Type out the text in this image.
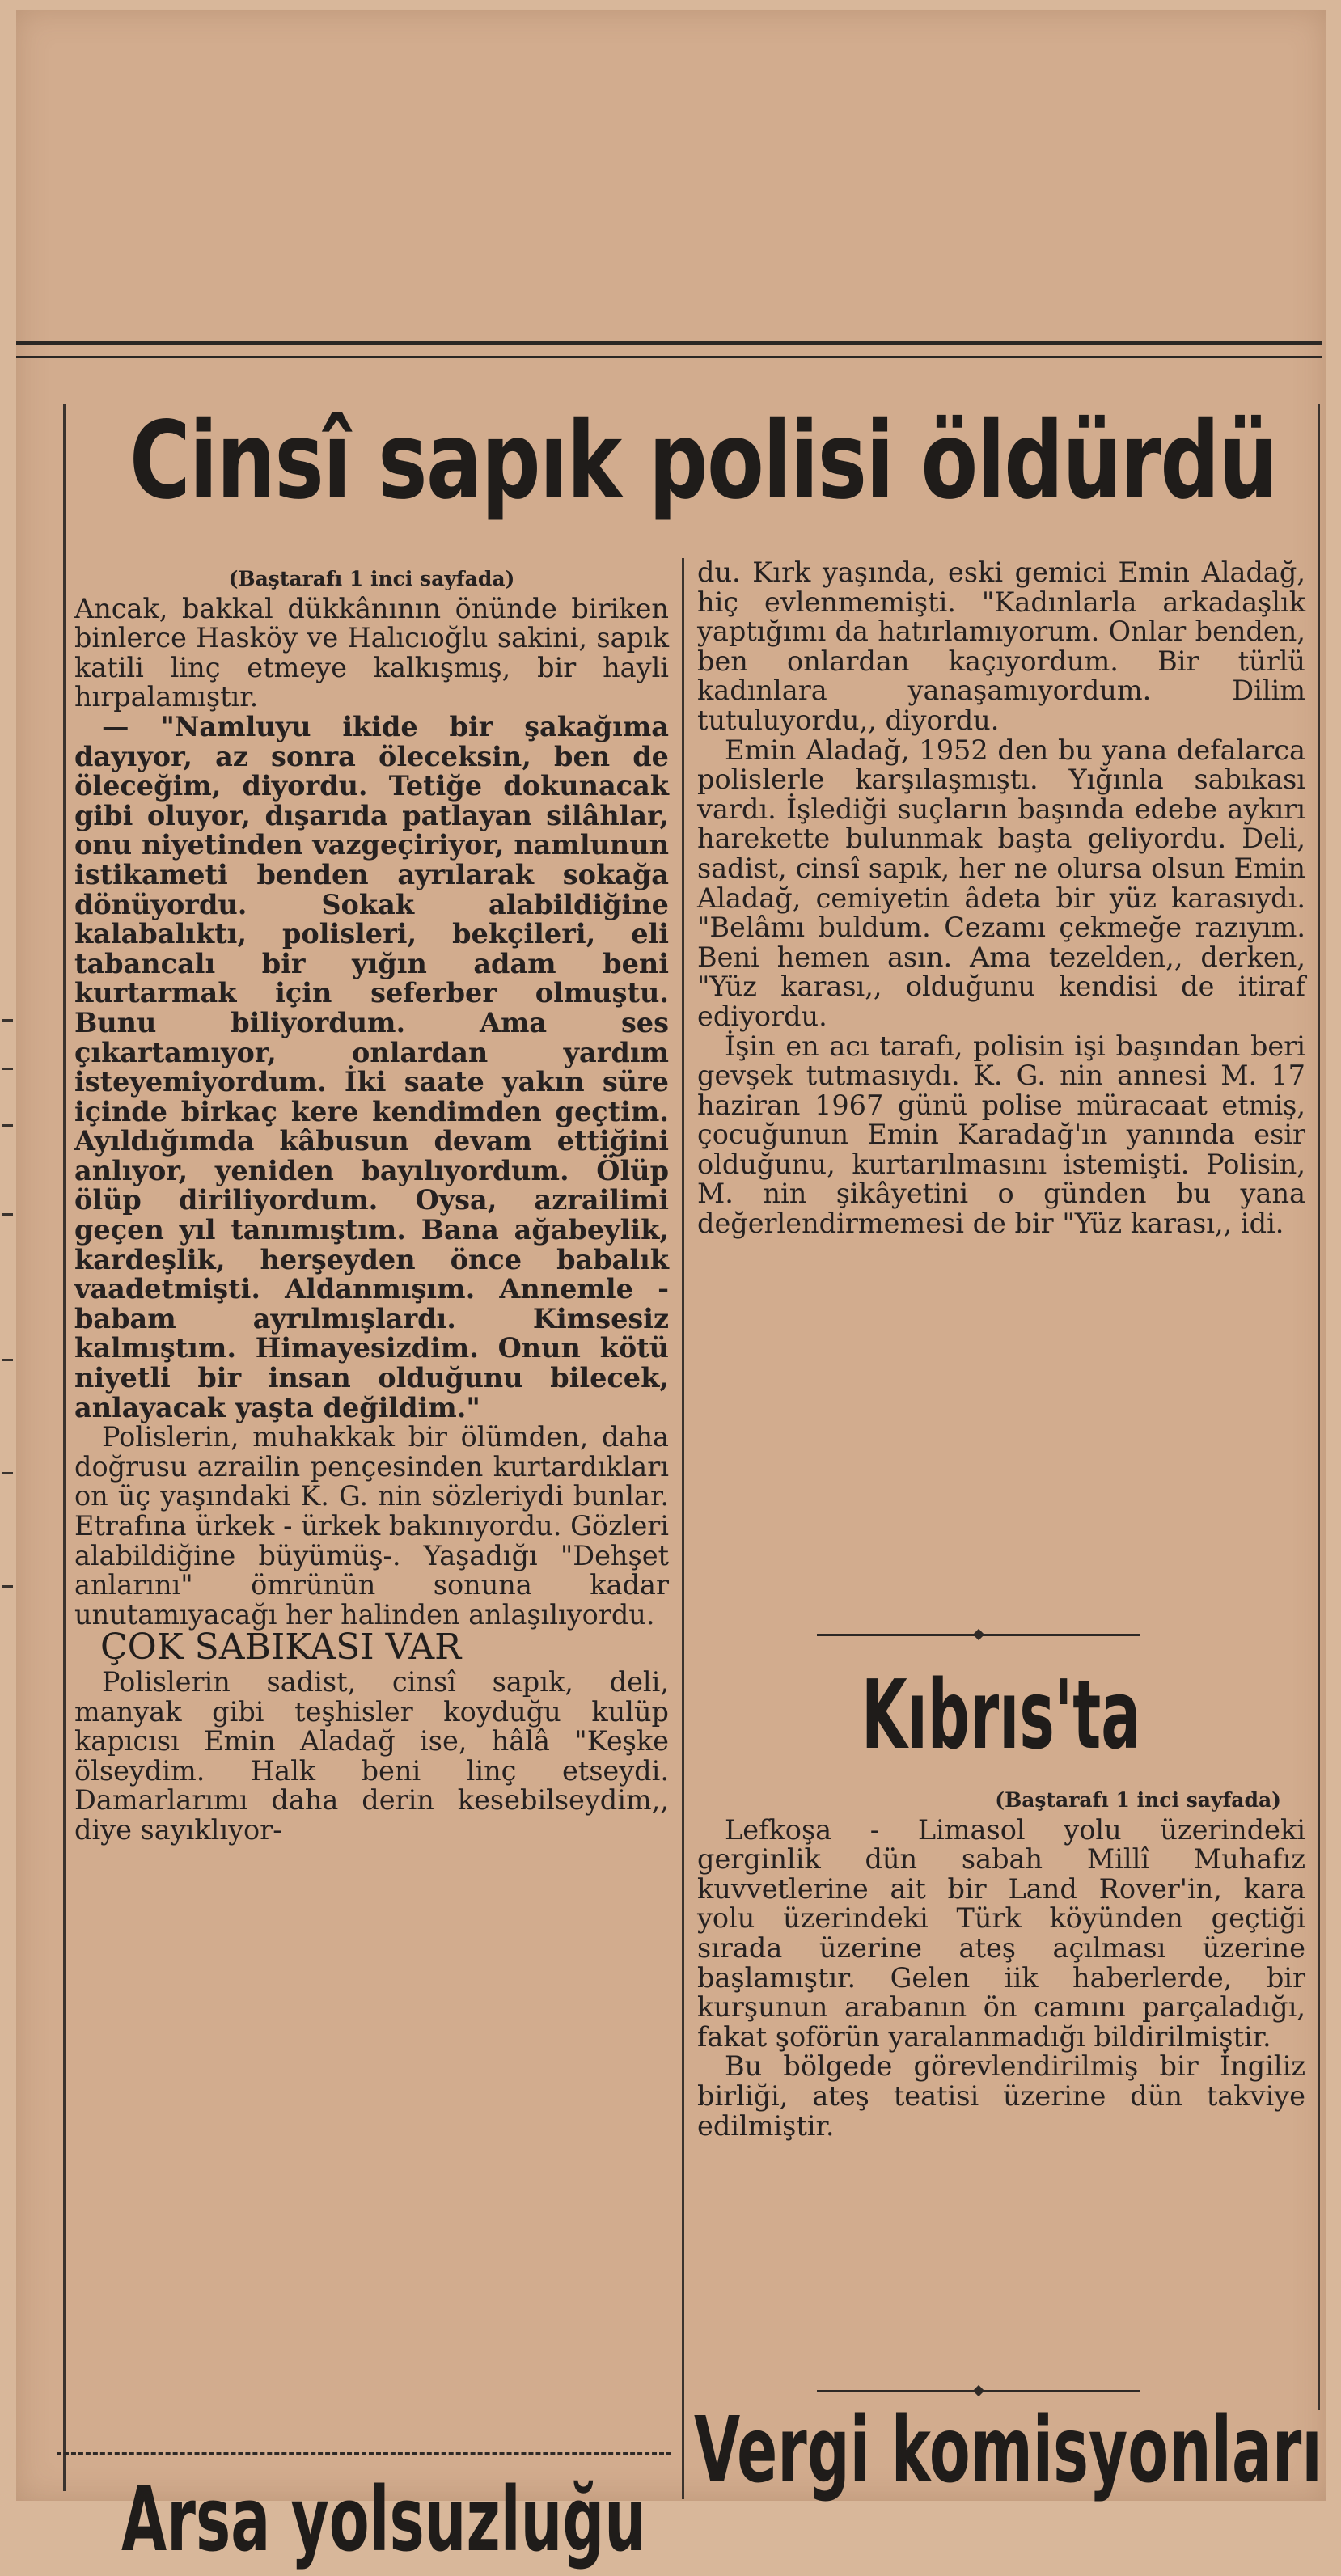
Cinsî sapık polisi öldürdü

(Baştarafı 1 inci sayfada)

Ancak, bakkal dükkânının önünde biriken binlerce Hasköy ve Halıcıoğlu sakini, sapık katili linç etmeye kalkışmış, bir hayli hırpalamıştır.

— "Namluyu ikide bir şakağıma dayıyor, az sonra öleceksin, ben de öleceğim, diyordu. Tetiğe dokunacak gibi oluyor, dışarıda patlayan silâhlar, onu niyetinden vazgeçiriyor, namlunun istikameti benden ayrılarak sokağa dönüyordu. Sokak alabildiğine kalabalıktı, polisleri, bekçileri, eli tabancalı bir yığın adam beni kurtarmak için seferber olmuştu. Bunu biliyordum. Ama ses çıkartamıyor, onlardan yardım isteyemiyordum. İki saate yakın süre içinde birkaç kere kendimden geçtim. Ayıldığımda kâbusun devam ettiğini anlıyor, yeniden bayılıyordum. Ölüp ölüp diriliyordum. Oysa, azrailimi geçen yıl tanımıştım. Bana ağabeylik, kardeşlik, herşeyden önce babalık vaadetmişti. Aldanmışım. Annemle - babam ayrılmışlardı. Kimsesiz kalmıştım. Himayesizdim. Onun kötü niyetli bir insan olduğunu bilecek, anlayacak yaşta değildim."

Polislerin, muhakkak bir ölümden, daha doğrusu azrailin pençesinden kurtardıkları on üç yaşındaki K. G. nin sözleriydi bunlar. Etrafına ürkek - ürkek bakınıyordu. Gözleri alabildiğine büyümüş-. Yaşadığı "Dehşet anlarını" ömrünün sonuna kadar unutamıyacağı her halinden anlaşılıyordu.

ÇOK SABIKASI VAR

Polislerin sadist, cinsî sapık, deli, manyak gibi teşhisler koyduğu kulüp kapıcısı Emin Aladağ ise, hâlâ "Keşke ölseydim. Halk beni linç etseydi. Damarlarımı daha derin kesebilseydim,, diye sayıklıyor-

Arsa yolsuzluğu

du. Kırk yaşında, eski gemici Emin Aladağ, hiç evlenmemişti. "Kadınlarla arkadaşlık yaptığımı da hatırlamıyorum. Onlar benden, ben onlardan kaçıyordum. Bir türlü kadınlara yanaşamıyordum. Dilim tutuluyordu,, diyordu.

Emin Aladağ, 1952 den bu yana defalarca polislerle karşılaşmıştı. Yığınla sabıkası vardı. İşlediği suçların başında edebe aykırı harekette bulunmak başta geliyordu. Deli, sadist, cinsî sapık, her ne olursa olsun Emin Aladağ, cemiyetin âdeta bir yüz karasıydı. "Belâmı buldum. Cezamı çekmeğe razıyım. Beni hemen asın. Ama tezelden,, derken, "Yüz karası,, olduğunu kendisi de itiraf ediyordu.

İşin en acı tarafı, polisin işi başından beri gevşek tutmasıydı. K. G. nin annesi M. 17 haziran 1967 günü polise müracaat etmiş, çocuğunun Emin Karadağ'ın yanında esir olduğunu, kurtarılmasını istemişti. Polisin, M. nin şikâyetini o günden bu yana değerlendirmemesi de bir "Yüz karası,, idi.

Kıbrıs'ta

(Baştarafı 1 inci sayfada)

Lefkoşa - Limasol yolu üzerindeki gerginlik dün sabah Millî Muhafız kuvvetlerine ait bir Land Rover'in, kara yolu üzerindeki Türk köyünden geçtiği sırada üzerine ateş açılması üzerine başlamıştır. Gelen iik haberlerde, bir kurşunun arabanın ön camını parçaladığı, fakat şoförün yaralanmadığı bildirilmiştir.

Bu bölgede görevlendirilmiş bir İngiliz birliği, ateş teatisi üzerine dün takviye edilmiştir.

Vergi komisyonları
